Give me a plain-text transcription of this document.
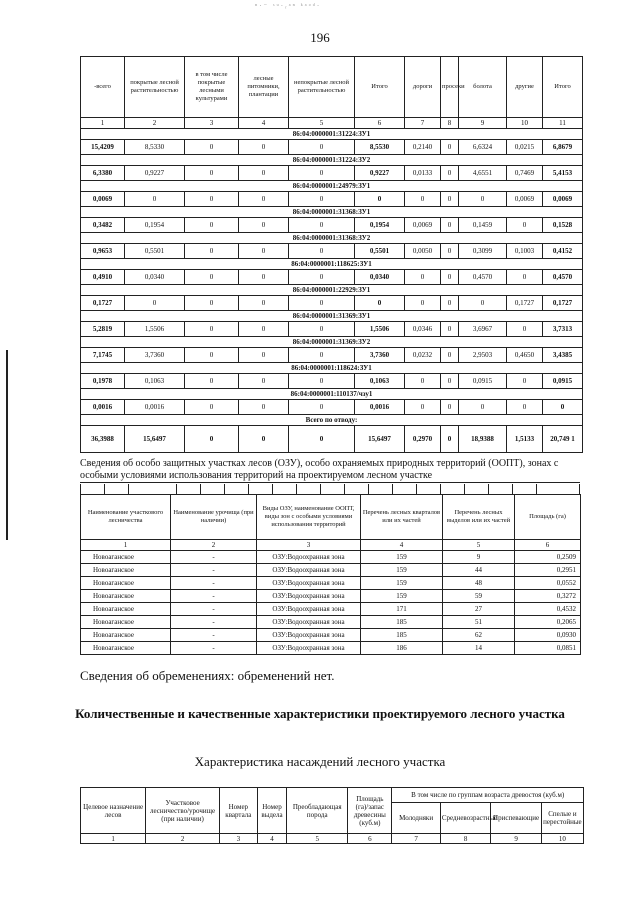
ⁿ·⁻ ˢᵘ·ᵣᵃⁿ ᵏᵃᵒᵈ·
196
-всего	покрытые лесной растительностью	в том числе покрытые лесными культурами	лесные питомники, плантации	непокрытые лесной растительностью	Итого	дороги	просеки	болота	другие	Итого
1	2	3	4	5	6	7	8	9	10	11
86:04:0000001:31224:ЗУ1										
15,4209	8,5330	0	0	0	8,5530	0,2140	0	6,6324	0,0215	6,8679
86:04:0000001:31224:ЗУ2										
6,3380	0,9227	0	0	0	0,9227	0,0133	0	4,6551	0,7469	5,4153
86:04:0000001:24979:ЗУ1										
0,0069	0	0	0	0	0	0	0	0	0,0069	0,0069
86:04:0000001:31368:ЗУ1										
0,3482	0,1954	0	0	0	0,1954	0,0069	0	0,1459	0	0,1528
86:04:0000001:31368:ЗУ2										
0,9653	0,5501	0	0	0	0,5501	0,0050	0	0,3099	0,1003	0,4152
86:04:0000001:118625:ЗУ1										
0,4910	0,0340	0	0	0	0,0340	0	0	0,4570	0	0,4570
86:04:0000001:22929:ЗУ1										
0,1727	0	0	0	0	0	0	0	0	0,1727	0,1727
86:04:0000001:31369:ЗУ1										
5,2819	1,5506	0	0	0	1,5506	0,0346	0	3,6967	0	3,7313
86:04:0000001:31369:ЗУ2										
7,1745	3,7360	0	0	0	3,7360	0,0232	0	2,9503	0,4650	3,4385
86:04:0000001:118624:ЗУ1										
0,1978	0,1063	0	0	0	0,1063	0	0	0,0915	0	0,0915
86:04:0000001:110137/чзу1										
0,0016	0,0016	0	0	0	0,0016	0	0	0	0	0
Всего по отводу:										
36,3988	15,6497	0	0	0	15,6497	0,2970	0	18,9388	1,5133	20,749 1
Сведения об особо защитных участках лесов (ОЗУ), особо охраняемых природных территорий (ООПТ), зонах с особыми условиями использования территорий на проектируемом лесном участке
Наименование участкового лесничества	Наименование урочища (при наличии)	Виды ОЗУ, наименование ООПТ, виды зон с особыми условиями использования территорий	Перечень лесных кварталов или их частей	Перечень лесных выделов или их частей	Площадь (га)
1	2	3	4	5	6
Новоаганское	-	ОЗУ:Водоохранная зона	159	9	0,2509
Новоаганское	-	ОЗУ:Водоохранная зона	159	44	0,2951
Новоаганское	-	ОЗУ:Водоохранная зона	159	48	0,0552
Новоаганское	-	ОЗУ:Водоохранная зона	159	59	0,3272
Новоаганское	-	ОЗУ:Водоохранная зона	171	27	0,4532
Новоаганское	-	ОЗУ:Водоохранная зона	185	51	0,2065
Новоаганское	-	ОЗУ:Водоохранная зона	185	62	0,0930
Новоаганское	-	ОЗУ:Водоохранная зона	186	14	0,0851
Сведения об обременениях: обременений нет.
Количественные и качественные характеристики проектируемого лесного участка
Характеристика насаждений лесного участка
Целевое назначение лесов	Участковое лесничество/урочище (при наличии)	Номер квартала	Номер выдела	Преобладающая порода	Площадь (га)/запас древесины (куб.м)	В том числе по группам возраста древостоя (куб.м)			
						Молодняки	Средневозрастные	Приспевающие	Спелые и перестойные
1	2	3	4	5	6	7	8	9	10
